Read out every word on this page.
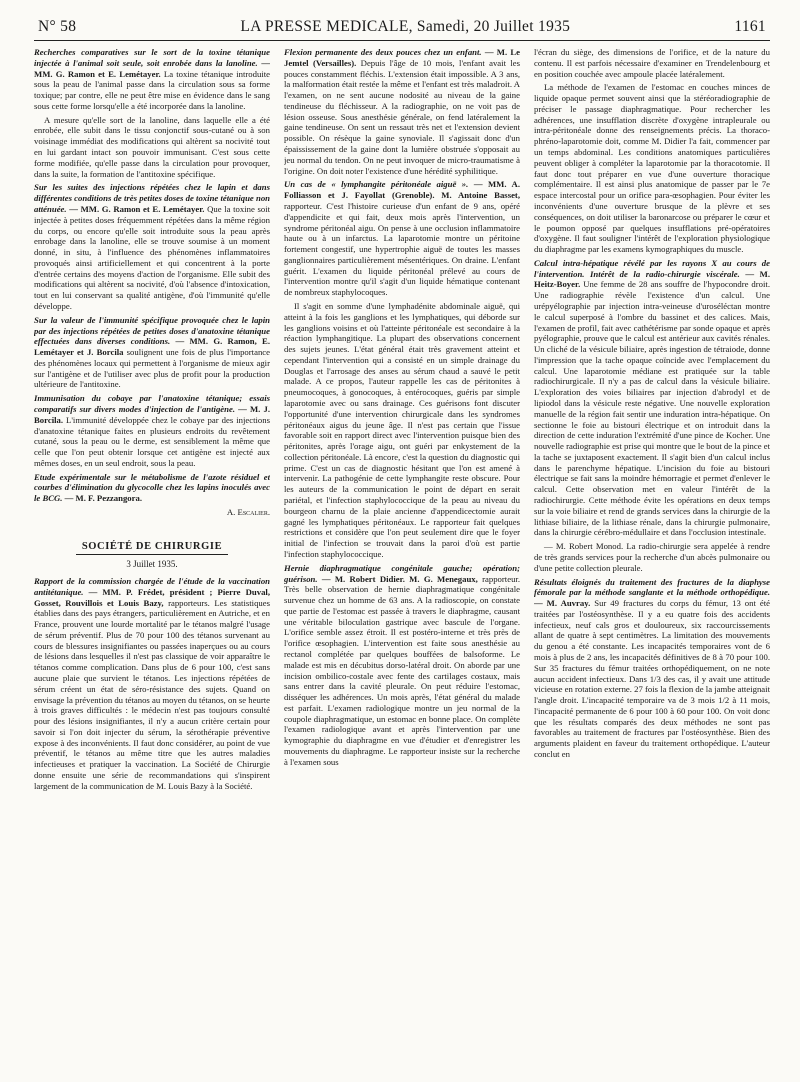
N° 58	LA PRESSE MEDICALE, Samedi, 20 Juillet 1935	1161

Recherches comparatives sur le sort de la toxine tétanique injectée à l'animal soit seule, soit enrobée dans la lanoline. — MM. G. Ramon et E. Lemétayer. La toxine tétanique introduite sous la peau de l'animal passe dans la circulation sous sa forme toxique; par contre, elle ne peut être mise en évidence dans le sang sous cette forme lorsqu'elle a été incorporée dans la lanoline.

A mesure qu'elle sort de la lanoline, dans laquelle elle a été enrobée, elle subit dans le tissu conjonctif sous-cutané ou à son voisinage immédiat des modifications qui altèrent sa nocivité tout en lui gardant intact son pouvoir immunisant. C'est sous cette forme modifiée, qu'elle passe dans la circulation pour provoquer, dans la suite, la formation de l'antitoxine spécifique.

Sur les suites des injections répétées chez le lapin et dans différentes conditions de très petites doses de toxine tétanique non atténuée. — MM. G. Ramon et E. Lemétayer. Que la toxine soit injectée à petites doses fréquemment répétées dans la même région du corps, ou encore qu'elle soit introduite sous la peau après enrobage dans la lanoline, elle se trouve soumise à un moment donné, in situ, à l'influence des phénomènes inflammatoires provoqués ainsi artificiellement et qui concentrent à la porte d'entrée certains des moyens d'action de l'organisme. Elle subit des modifications qui altèrent sa nocivité, d'où l'absence d'intoxication, tout en lui conservant sa qualité antigène, d'où l'immunité qu'elle développe.

Sur la valeur de l'immunité spécifique provoquée chez le lapin par des injections répétées de petites doses d'anatoxine tétanique effectuées dans diverses conditions. — MM. G. Ramon, E. Lemétayer et J. Borcila soulignent une fois de plus l'importance des phénomènes locaux qui permettent à l'organisme de mieux agir sur l'antigène et de l'utiliser avec plus de profit pour la production ultérieure de l'antitoxine.

Immunisation du cobaye par l'anatoxine tétanique; essais comparatifs sur divers modes d'injection de l'antigène. — M. J. Borcila. L'immunité développée chez le cobaye par des injections d'anatoxine tétanique faites en plusieurs endroits du revêtement cutané, sous la peau ou le derme, est sensiblement la même que celle que l'on peut obtenir lorsque cet antigène est injecté aux mêmes doses, en un seul endroit, sous la peau.

Etude expérimentale sur le métabolisme de l'azote résiduel et courbes d'élimination du glycocolle chez les lapins inoculés avec le BCG. — M. F. Pezzangora.

A. Escalier.

SOCIÉTÉ DE CHIRURGIE
3 Juillet 1935.

Rapport de la commission chargée de l'étude de la vaccination antitétanique. — MM. P. Frédet, président ; Pierre Duval, Gosset, Rouvillois et Louis Bazy, rapporteurs. Les statistiques établies dans des pays étrangers, particulièrement en Autriche, et en France, prouvent une lourde mortalité par le tétanos malgré l'usage de sérum préventif. Plus de 70 pour 100 des tétanos survenant au cours de blessures insignifiantes ou passées inaperçues ou au cours de lésions dans lesquelles il n'est pas classique de voir apparaître le tétanos comme complication. Dans plus de 6 pour 100, c'est sans aucune plaie que survient le tétanos. Les injections répétées de sérum créent un état de séro-résistance des sujets. Quand on envisage la prévention du tétanos au moyen du tétanos, on se heurte à trois graves difficultés : le médecin n'est pas toujours consulté pour des lésions insignifiantes, il n'y a aucun critère certain pour savoir si l'on doit injecter du sérum, la sérothérapie préventive expose à des inconvénients. Il faut donc considérer, au point de vue préventif, le tétanos au même titre que les autres maladies infectieuses et pratiquer la vaccination. La Société de Chirurgie donne ensuite une série de recommandations qui s'inspirent largement de la communication de M. Louis Bazy à la Société.

Flexion permanente des deux pouces chez un enfant. — M. Le Jemtel (Versailles). Depuis l'âge de 10 mois, l'enfant avait les pouces constamment fléchis. L'extension était impossible. A 3 ans, la malformation était restée la même et l'enfant est très maladroit. A l'examen, on ne sent aucune nodosité au niveau de la gaine tendineuse du fléchisseur. A la radiographie, on ne voit pas de lésion osseuse. Sous anesthésie générale, on fend latéralement la gaine tendineuse. On sent un ressaut très net et l'extension devient possible. On résèque la gaine synoviale. Il s'agissait donc d'un épaississement de la gaine dont la lumière obstruée s'opposait au jeu normal du tendon. On ne peut invoquer de micro-traumatisme à l'origine. On doit noter l'existence d'une hérédité syphilitique.

Un cas de « lymphangite péritonéale aiguë ». — MM. A. Folliasson et J. Fayollat (Grenoble). M. Antoine Basset, rapporteur. C'est l'histoire curieuse d'un enfant de 9 ans, opéré d'appendicite et qui fait, deux mois après l'intervention, un syndrome péritonéal aigu. On pense à une occlusion inflammatoire haute ou à un infarctus. La laparotomie montre un péritoine fortement congestif, une hypertrophie aiguë de toutes les masses ganglionnaires particulièrement mésentériques. On draine. L'enfant guérit. L'examen du liquide péritonéal prélevé au cours de l'intervention montre qu'il s'agit d'un liquide hématique contenant de nombreux staphylocoques.

Il s'agit en somme d'une lymphadénite abdominale aiguë, qui atteint à la fois les ganglions et les lymphatiques, qui déborde sur les ganglions voisins et où l'atteinte péritonéale est secondaire à la réaction lymphangitique. La plupart des observations concernent des sujets jeunes. L'état général était très gravement atteint et cependant l'intervention qui a consisté en un simple drainage du Douglas et l'arrosage des anses au sérum chaud a sauvé le petit malade. A ce propos, l'auteur rappelle les cas de péritonites à pneumocoques, à gonocoques, à entérocoques, guéris par simple laparotomie avec ou sans drainage. Ces guérisons font discuter l'opportunité d'une intervention chirurgicale dans les syndromes péritonéaux aigus du jeune âge. Il n'est pas certain que l'issue favorable soit en rapport direct avec l'intervention puisque bien des péritonites, après l'orage aigu, ont guéri par enkystement de la collection péritonéale. Là encore, c'est la question du diagnostic qui prime. C'est un cas de diagnostic hésitant que l'on est amené à intervenir. La pathogénie de cette lymphangite reste obscure. Pour les auteurs de la communication le point de départ en serait pariétal, et l'infection staphylococcique de la peau au niveau du bourgeon charnu de la plaie ancienne d'appendicectomie aurait gagné les lymphatiques péritonéaux. Le rapporteur fait quelques restrictions et considère que l'on peut seulement dire que le foyer initial de l'infection se trouvait dans la paroi d'où est partie l'infection staphylococcique.

Hernie diaphragmatique congénitale gauche; opération; guérison. — M. Robert Didier. M. G. Menegaux, rapporteur. Très belle observation de hernie diaphragmatique congénitale survenue chez un homme de 63 ans. A la radioscopie, on constate que partie de l'estomac est passée à travers le diaphragme, causant une véritable biloculation gastrique avec bascule de l'organe. L'orifice semble assez étroit. Il est postéro-interne et très près de l'orifice œsophagien. L'intervention est faite sous anesthésie au rectanol complétée par quelques bouffées de balsoforme. Le malade est mis en décubitus dorso-latéral droit. On aborde par une incision ombilico-costale avec fente des cartilages costaux, mais sans entrer dans la cavité pleurale. On peut réduire l'estomac, disséquer les adhérences. Un mois après, l'état général du malade est parfait. L'examen radiologique montre un jeu normal de la coupole diaphragmatique, un estomac en bonne place. On complète l'examen radiologique avant et après l'intervention par une kymographie du diaphragme en vue d'étudier et d'enregistrer les mouvements du diaphragme. Le rapporteur insiste sur la recherche à l'examen sous

l'écran du siège, des dimensions de l'orifice, et de la nature du contenu. Il est parfois nécessaire d'examiner en Trendelenbourg et en position couchée avec ampoule placée latéralement.

La méthode de l'examen de l'estomac en couches minces de liquide opaque permet souvent ainsi que la stéréoradiographie de préciser le passage diaphragmatique. Pour rechercher les adhérences, une insufflation discrète d'oxygène intrapleurale ou intra-péritonéale donne des renseignements précis. La thoraco-phréno-laparotomie doit, comme M. Didier l'a fait, commencer par un temps abdominal. Les conditions anatomiques particulières peuvent obliger à compléter la laparotomie par la thoracotomie. Il faut donc tout préparer en vue d'une ouverture thoracique complémentaire. Il est ainsi plus anatomique de passer par le 7e espace intercostal pour un orifice para-œsophagien. Pour éviter les inconvénients d'une ouverture brusque de la plèvre et ses conséquences, on doit utiliser la baronarcose ou préparer le cœur et le poumon opposé par quelques insufflations pré-opératoires d'oxygène. Il faut souligner l'intérêt de l'exploration physiologique du diaphragme par les examens kymographiques du muscle.

Calcul intra-hépatique révélé par les rayons X au cours de l'intervention. Intérêt de la radio-chirurgie viscérale. — M. Heitz-Boyer. Une femme de 28 ans souffre de l'hypocondre droit. Une radiographie révèle l'existence d'un calcul. Une urépyélographie par injection intra-veineuse d'uroséléctan montre le calcul superposé à l'ombre du bassinet et des calices. Mais, l'examen de profil, fait avec cathétérisme par sonde opaque et après pyélographie, prouve que le calcul est antérieur aux cavités rénales. Un cliché de la vésicule biliaire, après ingestion de tétraiode, donne l'impression que la tache opaque coïncide avec l'emplacement du calcul. Une laparotomie médiane est pratiquée sur la table radiochirurgicale. Il n'y a pas de calcul dans la vésicule biliaire. L'exploration des voies biliaires par injection d'abrodyl et de lipiodol dans la vésicule reste négative. Une nouvelle exploration manuelle de la région fait sentir une induration intra-hépatique. On sectionne le foie au bistouri électrique et on introduit dans la direction de cette induration l'extrémité d'une pince de Kocher. Une nouvelle radiographie est prise qui montre que le bout de la pince et la tache se juxtaposent exactement. Il s'agit bien d'un calcul inclus dans le parenchyme hépatique. L'incision du foie au bistouri électrique se fait sans la moindre hémorragie et permet d'enlever le calcul. Cette observation met en valeur l'intérêt de la radiochirurgie. Cette méthode évite les opérations en deux temps sur la voie biliaire et rend de grands services dans la chirurgie de la lithiase biliaire, de la lithiase rénale, dans la chirurgie pulmonaire, dans la chirurgie cérébro-médullaire et dans l'occlusion intestinale.

— M. Robert Monod. La radio-chirurgie sera appelée à rendre de très grands services pour la recherche d'un abcès pulmonaire ou d'une petite collection pleurale.

Résultats éloignés du traitement des fractures de la diaphyse fémorale par la méthode sanglante et la méthode orthopédique. — M. Auvray. Sur 49 fractures du corps du fémur, 13 ont été traitées par l'ostéosynthèse. Il y a eu quatre fois des accidents infectieux, neuf cals gros et douloureux, six raccourcissements allant de quatre à sept centimètres. La limitation des mouvements du genou a été constante. Les incapacités temporaires vont de 6 mois à plus de 2 ans, les incapacités définitives de 8 à 70 pour 100. Sur 35 fractures du fémur traitées orthopédiquement, on ne note aucun accident infectieux. Dans 1/3 des cas, il y avait une attitude vicieuse en rotation externe. 27 fois la flexion de la jambe atteignait l'angle droit. L'incapacité temporaire va de 3 mois 1/2 à 11 mois, l'incapacité permanente de 6 pour 100 à 60 pour 100. On voit donc que les résultats comparés des deux méthodes ne sont pas favorables au traitement de fractures par l'ostéosynthèse. Bien des arguments plaident en faveur du traitement orthopédique. L'auteur conclut en
